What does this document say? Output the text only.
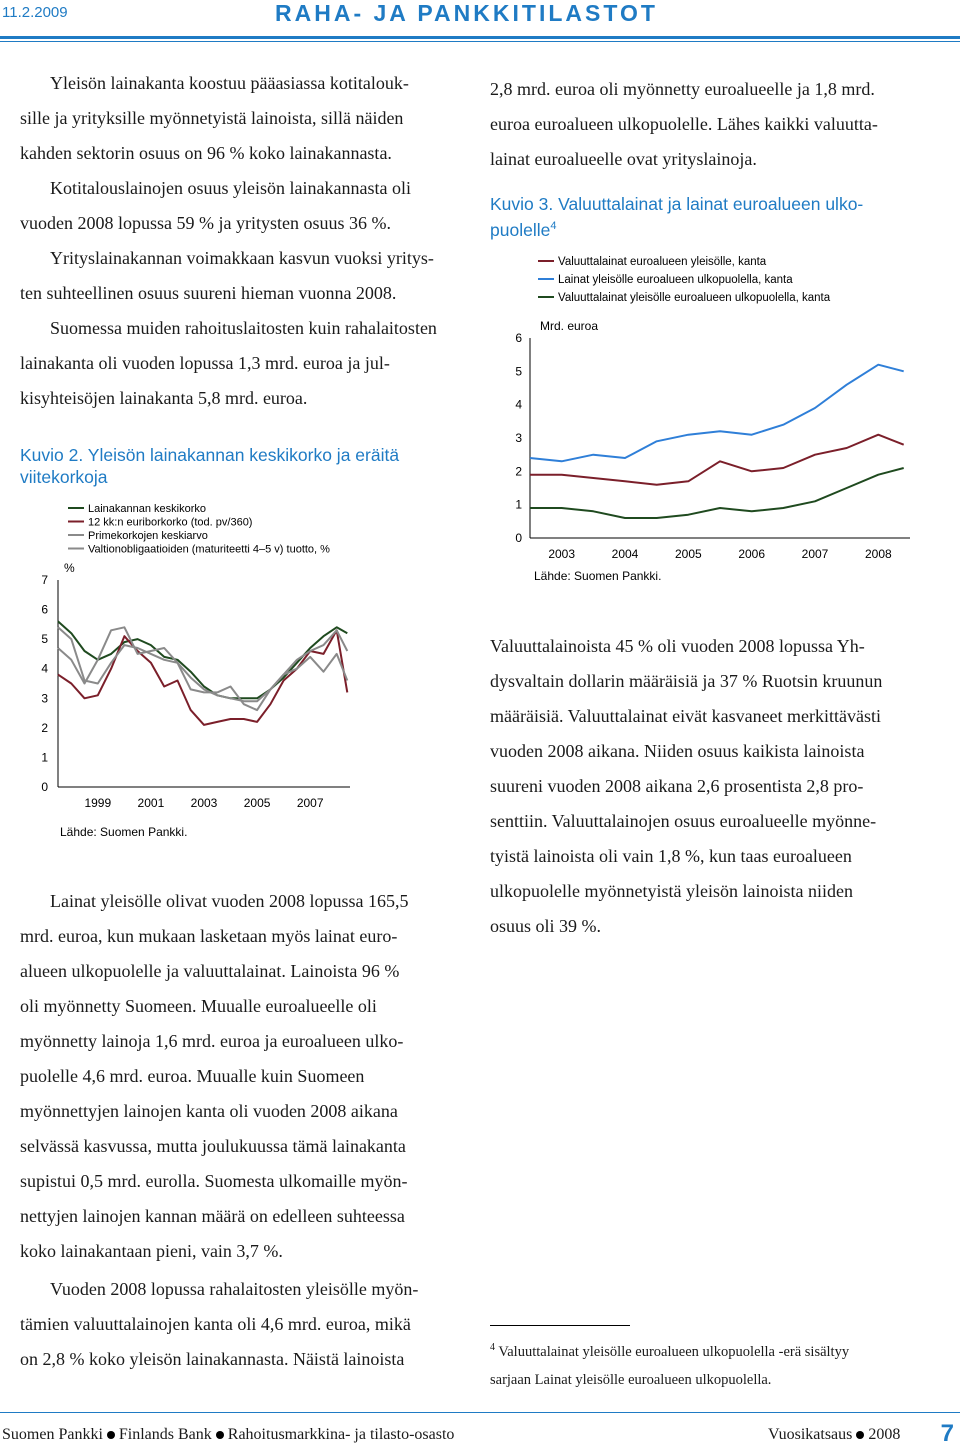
11.2.2009	RAHA- JA PANKKITILASTOT
Yleisön lainakanta koostuu pääasiassa kotitalouk-
sille ja yrityksille myönnetyistä lainoista, sillä näiden
kahden sektorin osuus on 96 % koko lainakannasta.
Kotitalouslainojen osuus yleisön lainakannasta oli
vuoden 2008 lopussa 59 % ja yritysten osuus 36 %.
Yrityslainakannan voimakkaan kasvun vuoksi yritys-
ten suhteellinen osuus suureni hieman vuonna 2008.
Suomessa muiden rahoituslaitosten kuin rahalaitosten
lainakanta oli vuoden lopussa 1,3 mrd. euroa ja jul-
kisyhteisöjen lainakanta 5,8 mrd. euroa.
Kuvio 2. Yleisön lainakannan keskikorko ja eräitä
viitekorkoja
Lainakannan keskikorko
12 kk:n euriborkorko (tod. pv/360)
Primekorkojen keskiarvo
Valtionobligaatioiden (maturiteetti 4–5 v) tuotto, %
0
1
2
3
4
5
6
7
1999 2001 2003 2005 2007
%
Lähde: Suomen Pankki.
Lainat yleisölle olivat vuoden 2008 lopussa 165,5
mrd. euroa, kun mukaan lasketaan myös lainat euro-
alueen ulkopuolelle ja valuuttalainat. Lainoista 96 %
oli myönnetty Suomeen. Muualle euroalueelle oli
myönnetty lainoja 1,6 mrd. euroa ja euroalueen ulko-
puolelle 4,6 mrd. euroa. Muualle kuin Suomeen
myönnettyjen lainojen kanta oli vuoden 2008 aikana
selvässä kasvussa, mutta joulukuussa tämä lainakanta
supistui 0,5 mrd. eurolla. Suomesta ulkomaille myön-
nettyjen lainojen kannan määrä on edelleen suhteessa
koko lainakantaan pieni, vain 3,7 %.
Vuoden 2008 lopussa rahalaitosten yleisölle myön-
tämien valuuttalainojen kanta oli 4,6 mrd. euroa, mikä
on 2,8 % koko yleisön lainakannasta. Näistä lainoista
2,8 mrd. euroa oli myönnetty euroalueelle ja 1,8 mrd.
euroa euroalueen ulkopuolelle. Lähes kaikki valuutta-
lainat euroalueelle ovat yrityslainoja.
Kuvio 3. Valuuttalainat ja lainat euroalueen ulko-
puolelle$^4$
Valuuttalainat euroalueen yleisölle, kanta
Lainat yleisölle euroalueen ulkopuolella, kanta
Valuuttalainat yleisölle euroalueen ulkopuolella, kanta
0
1
2
3
4
5
6
2003	2004	2005	2006	2007	2008
Mrd. euroa
Lähde: Suomen Pankki.
Valuuttalainoista 45 % oli vuoden 2008 lopussa Yh-
dysvaltain dollarin määräisiä ja 37 % Ruotsin kruunun
määräisiä. Valuuttalainat eivät kasvaneet merkittävästi
vuoden 2008 aikana. Niiden osuus kaikista lainoista
suureni vuoden 2008 aikana 2,6 prosentista 2,8 pro-
senttiin. Valuuttalainojen osuus euroalueelle myönne-
tyistä lainoista oli vain 1,8 %, kun taas euroalueen
ulkopuolelle myönnetyistä yleisön lainoista niiden
osuus oli 39 %.
$^4$ Valuuttalainat yleisölle euroalueen ulkopuolella -erä sisältyy
sarjaan Lainat yleisölle euroalueen ulkopuolella.
Suomen Pankki Finlands Bank Rahoitusmarkkina- ja tilasto-osasto	Vuosikatsaus 2008 7
